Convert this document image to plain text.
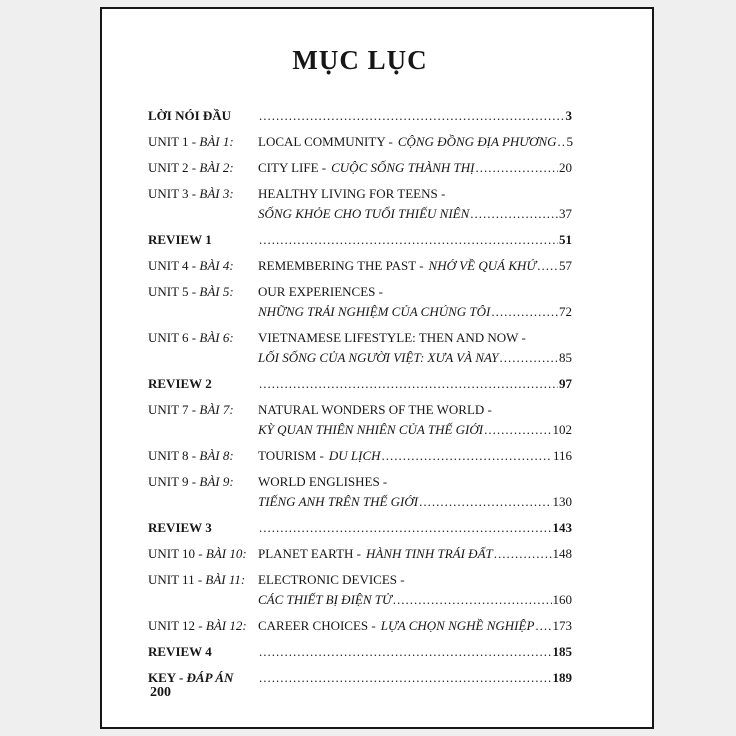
MỤC LỤC
LỜI NÓI ĐẦU .....	3
UNIT 1 - BÀI 1:	LOCAL COMMUNITY - CỘNG ĐỒNG ĐỊA PHƯƠNG ..... 5
UNIT 2 - BÀI 2:	CITY LIFE - CUỘC SỐNG THÀNH THỊ .....	20
UNIT 3 - BÀI 3:	HEALTHY LIVING FOR TEENS -
SỐNG KHỎE CHO TUỔI THIẾU NIÊN .....	37
REVIEW 1 .....	51
UNIT 4 - BÀI 4:	REMEMBERING THE PAST - NHỚ VỀ QUÁ KHỨ ..... 57
UNIT 5 - BÀI 5:	OUR EXPERIENCES -
NHỮNG TRẢI NGHIỆM CỦA CHÚNG TÔI .....	72
UNIT 6 - BÀI 6:	VIETNAMESE LIFESTYLE: THEN AND NOW -
LỐI SỐNG CỦA NGƯỜI VIỆT: XƯA VÀ NAY .....	85
REVIEW 2 .....	97
UNIT 7 - BÀI 7:	NATURAL WONDERS OF THE WORLD -
KỲ QUAN THIÊN NHIÊN CỦA THẾ GIỚI .....	102
UNIT 8 - BÀI 8:	TOURISM - DU LỊCH .....	116
UNIT 9 - BÀI 9:	WORLD ENGLISHES -
TIẾNG ANH TRÊN THẾ GIỚI .....	130
REVIEW 3 .....	143
UNIT 10 - BÀI 10: PLANET EARTH - HÀNH TINH TRÁI ĐẤT .....	148
UNIT 11 - BÀI 11: ELECTRONIC DEVICES -
CÁC THIẾT BỊ ĐIỆN TỬ .....	160
UNIT 12 - BÀI 12: CAREER CHOICES - LỰA CHỌN NGHỀ NGHIỆP ..... 173
REVIEW 4 .....	185
KEY - ĐÁP ÁN .....	189
200
